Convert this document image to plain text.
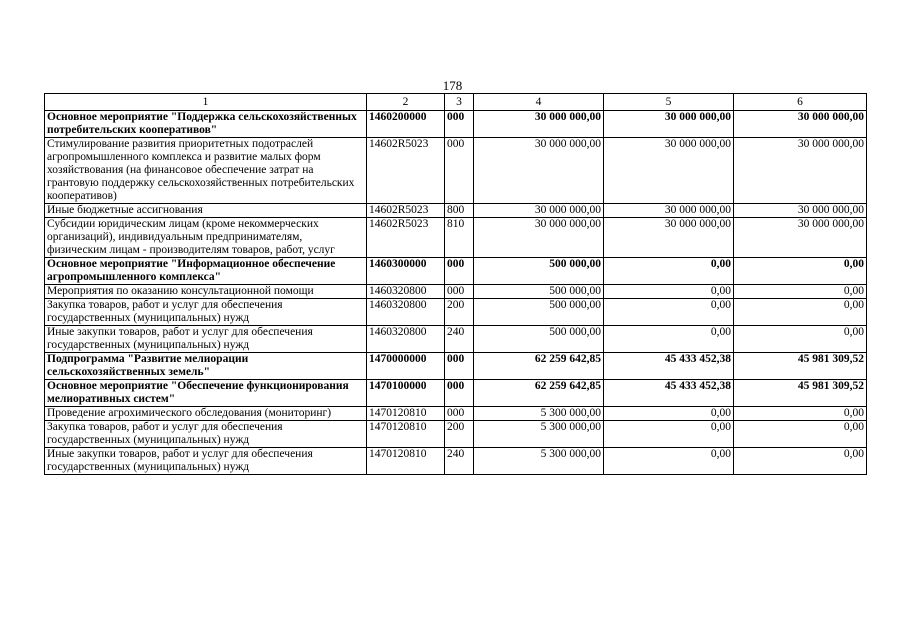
178
1	2	3	4	5	6
Основное мероприятие "Поддержка сельскохозяйственных потребительских кооперативов"	1460200000	000	30 000 000,00	30 000 000,00	30 000 000,00
Стимулирование развития приоритетных подотраслей агропромышленного комплекса и развитие малых форм хозяйствования (на финансовое обеспечение затрат на грантовую поддержку сельскохозяйственных потребительских кооперативов)	14602R5023	000	30 000 000,00	30 000 000,00	30 000 000,00
Иные бюджетные ассигнования	14602R5023	800	30 000 000,00	30 000 000,00	30 000 000,00
Субсидии юридическим лицам (кроме некоммерческих организаций), индивидуальным предпринимателям, физическим лицам - производителям товаров, работ, услуг	14602R5023	810	30 000 000,00	30 000 000,00	30 000 000,00
Основное мероприятие "Информационное обеспечение агропромышленного комплекса"	1460300000	000	500 000,00	0,00	0,00
Мероприятия по оказанию консультационной помощи	1460320800	000	500 000,00	0,00	0,00
Закупка товаров, работ и услуг для обеспечения государственных (муниципальных) нужд	1460320800	200	500 000,00	0,00	0,00
Иные закупки товаров, работ и услуг для обеспечения государственных (муниципальных) нужд	1460320800	240	500 000,00	0,00	0,00
Подпрограмма "Развитие мелиорации сельскохозяйственных земель"	1470000000	000	62 259 642,85	45 433 452,38	45 981 309,52
Основное мероприятие "Обеспечение функционирования мелиоративных систем"	1470100000	000	62 259 642,85	45 433 452,38	45 981 309,52
Проведение агрохимического обследования (мониторинг)	1470120810	000	5 300 000,00	0,00	0,00
Закупка товаров, работ и услуг для обеспечения государственных (муниципальных) нужд	1470120810	200	5 300 000,00	0,00	0,00
Иные закупки товаров, работ и услуг для обеспечения государственных (муниципальных) нужд	1470120810	240	5 300 000,00	0,00	0,00
